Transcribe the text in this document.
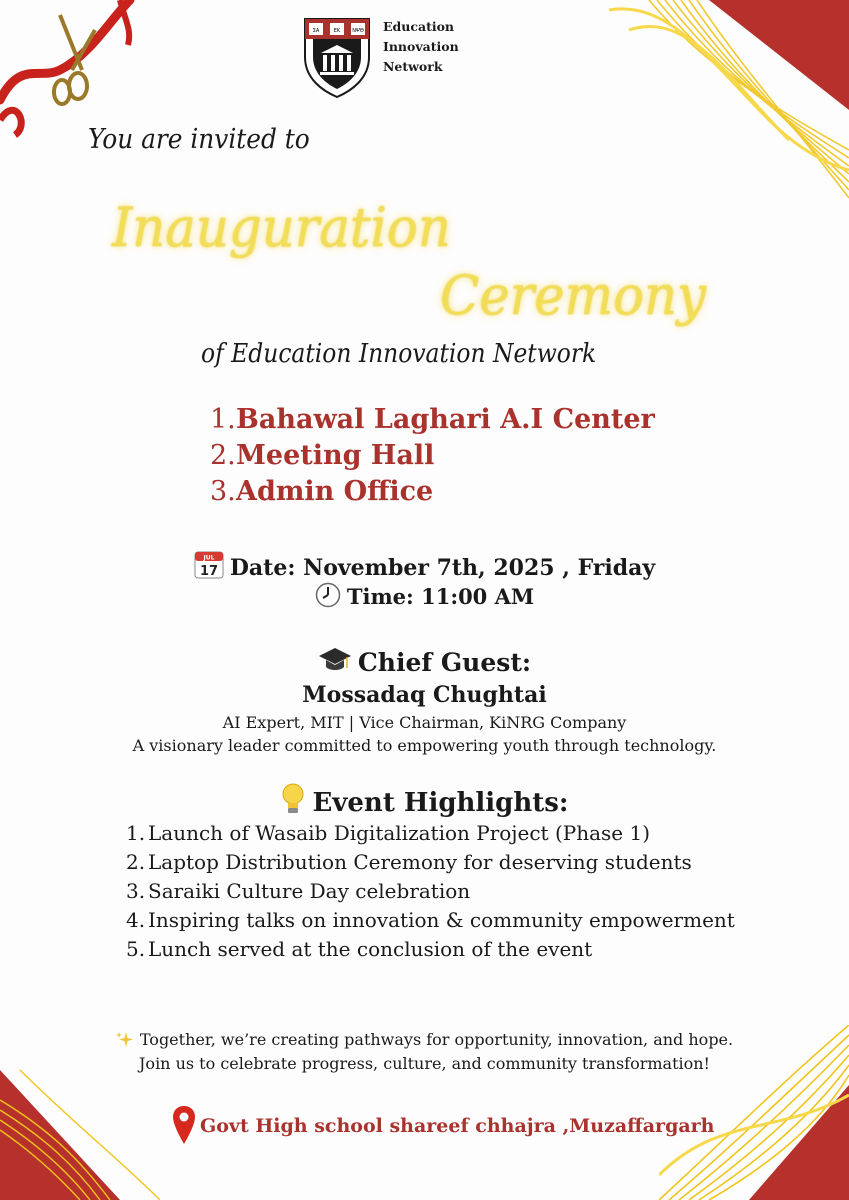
ΣΑ	ΕΚ ΝΨΘ Education
Innovation
Network
You are invited to
Inauguration
Ceremony
of Education Innovation Network
1.Bahawal Laghari A.I Center
2.Meeting Hall
3.Admin Office
JUL
17 Date: November 7th, 2025 , Friday
Time: 11:00 AM
Chief Guest:
Mossadaq Chughtai
AI Expert, MIT | Vice Chairman, KiNRG Company
A visionary leader committed to empowering youth through technology.
Event Highlights:
1. Launch of Wasaib Digitalization Project (Phase 1)
2. Laptop Distribution Ceremony for deserving students
3. Saraiki Culture Day celebration
4. Inspiring talks on innovation & community empowerment
5. Lunch served at the conclusion of the event
Together, we’re creating pathways for opportunity, innovation, and hope.
Join us to celebrate progress, culture, and community transformation!
Govt High school shareef chhajra ,Muzaffargarh
